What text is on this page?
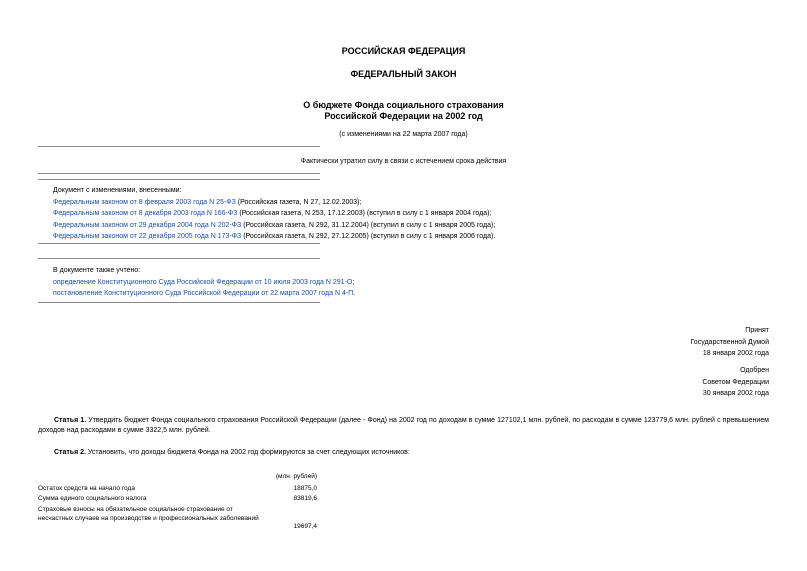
РОССИЙСКАЯ ФЕДЕРАЦИЯ
ФЕДЕРАЛЬНЫЙ ЗАКОН
О бюджете Фонда социального страхования
Российской Федерации на 2002 год
(с изменениями на 22 марта 2007 года)
Фактически утратил силу в связи с истечением срока действия
Документ с изменениями, внесенными:
Федеральным законом от 8 февраля 2003 года N 25-ФЗ (Российская газета, N 27, 12.02.2003);
Федеральным законом от 8 декабря 2003 года N 166-ФЗ (Российская газета, N 253, 17.12.2003) (вступил в силу с 1 января 2004 года);
Федеральным законом от 29 декабря 2004 года N 202-ФЗ (Российская газета, N 292, 31.12.2004) (вступил в силу с 1 января 2005 года);
Федеральным законом от 22 декабря 2005 года N 173-ФЗ (Российская газета, N 292, 27.12.2005) (вступил в силу с 1 января 2006 года).
В документе также учтено:
определение Конституционного Суда Российской Федерации от 10 июля 2003 года N 291-О;
постановление Конституционного Суда Российской Федерации от 22 марта 2007 года N 4-П.
Принят
Государственной Думой
18 января 2002 года
Одобрен
Советом Федерации
30 января 2002 года
Статья 1. Утвердить бюджет Фонда социального страхования Российской Федерации (далее - Фонд) на 2002 год по доходам в сумме 127102,1 млн. рублей, по расходам в сумме 123779,6 млн. рублей с превышением доходов над расходами в сумме 3322,5 млн. рублей.
Статья 2. Установить, что доходы бюджета Фонда на 2002 год формируются за счет следующих источников:
(млн. рублей)
Остаток средств на начало года	18875,0
Сумма единого социального налога	83819,6
Страховые взносы на обязательное социальное страхование от
несчастных случаев на производстве и профессиональных заболеваний
19697,4
